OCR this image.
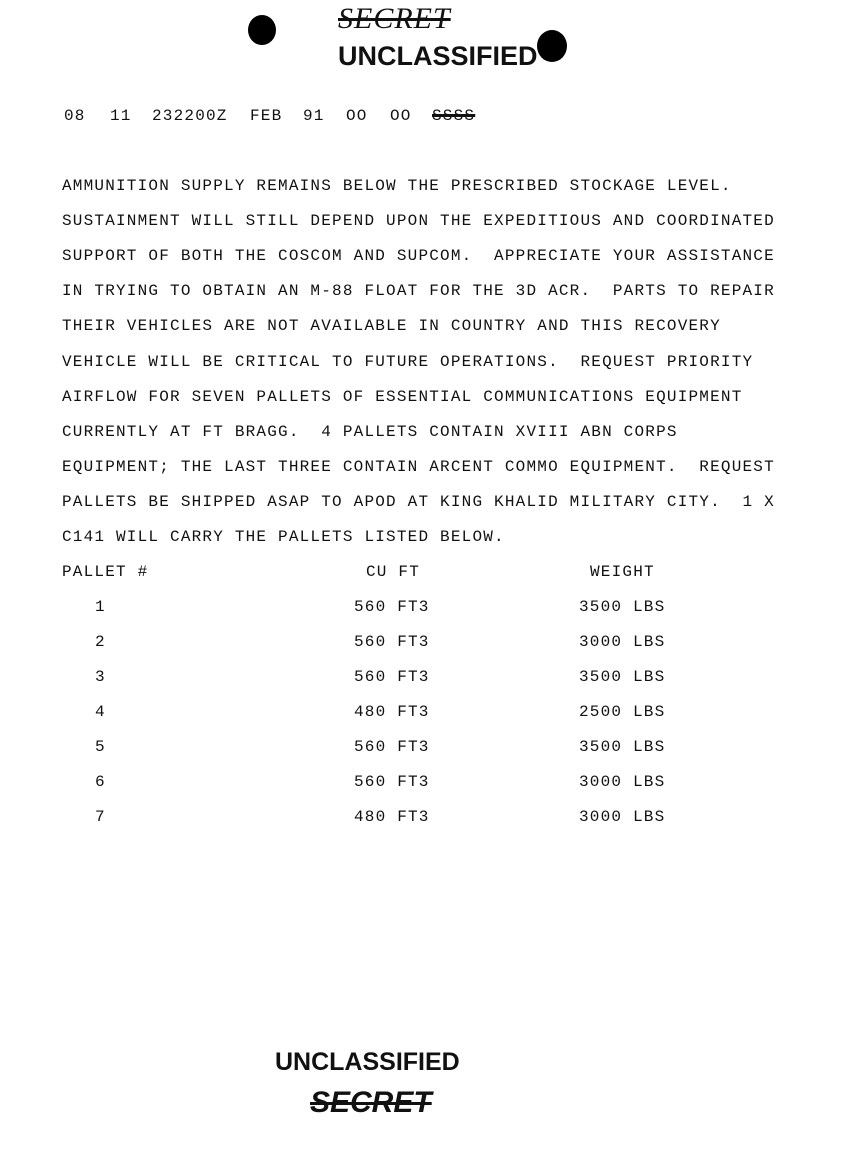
SECRET
UNCLASSIFIED
08 11 232200Z FEB 91 OO OO SSSS
AMMUNITION SUPPLY REMAINS BELOW THE PRESCRIBED STOCKAGE LEVEL.
SUSTAINMENT WILL STILL DEPEND UPON THE EXPEDITIOUS AND COORDINATED
SUPPORT OF BOTH THE COSCOM AND SUPCOM.  APPRECIATE YOUR ASSISTANCE
IN TRYING TO OBTAIN AN M-88 FLOAT FOR THE 3D ACR.  PARTS TO REPAIR
THEIR VEHICLES ARE NOT AVAILABLE IN COUNTRY AND THIS RECOVERY
VEHICLE WILL BE CRITICAL TO FUTURE OPERATIONS.  REQUEST PRIORITY
AIRFLOW FOR SEVEN PALLETS OF ESSENTIAL COMMUNICATIONS EQUIPMENT
CURRENTLY AT FT BRAGG.  4 PALLETS CONTAIN XVIII ABN CORPS
EQUIPMENT; THE LAST THREE CONTAIN ARCENT COMMO EQUIPMENT.  REQUEST
PALLETS BE SHIPPED ASAP TO APOD AT KING KHALID MILITARY CITY.  1 X
C141 WILL CARRY THE PALLETS LISTED BELOW.
PALLET #	CU FT	WEIGHT
1	560 FT3	3500 LBS
2	560 FT3	3000 LBS
3	560 FT3	3500 LBS
4	480 FT3	2500 LBS
5	560 FT3	3500 LBS
6	560 FT3	3000 LBS
7	480 FT3	3000 LBS
UNCLASSIFIED
SECRET
